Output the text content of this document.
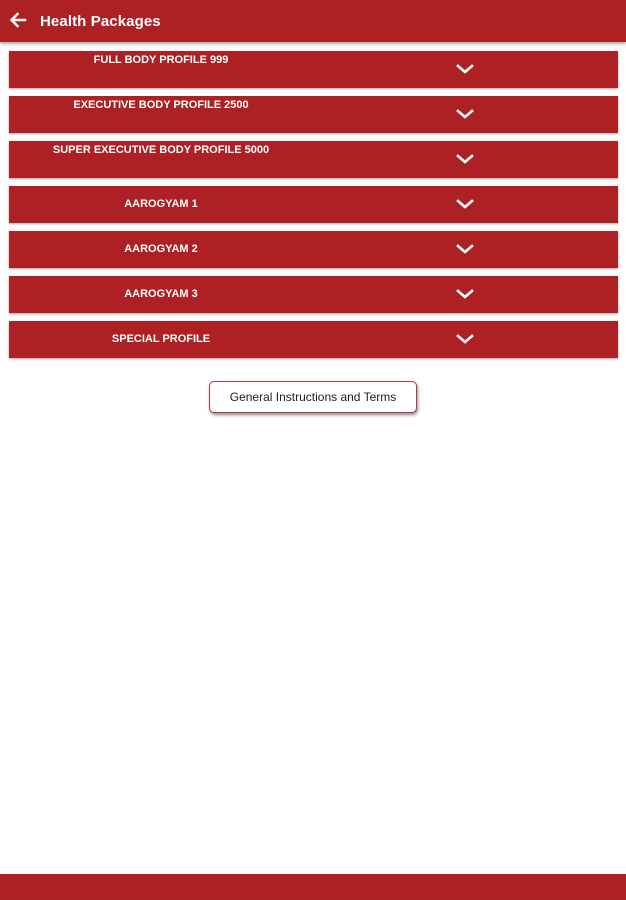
Health Packages
FULL BODY PROFILE 999
EXECUTIVE BODY PROFILE 2500
SUPER EXECUTIVE BODY PROFILE 5000
AAROGYAM 1
AAROGYAM 2
AAROGYAM 3
SPECIAL PROFILE
General Instructions and Terms
